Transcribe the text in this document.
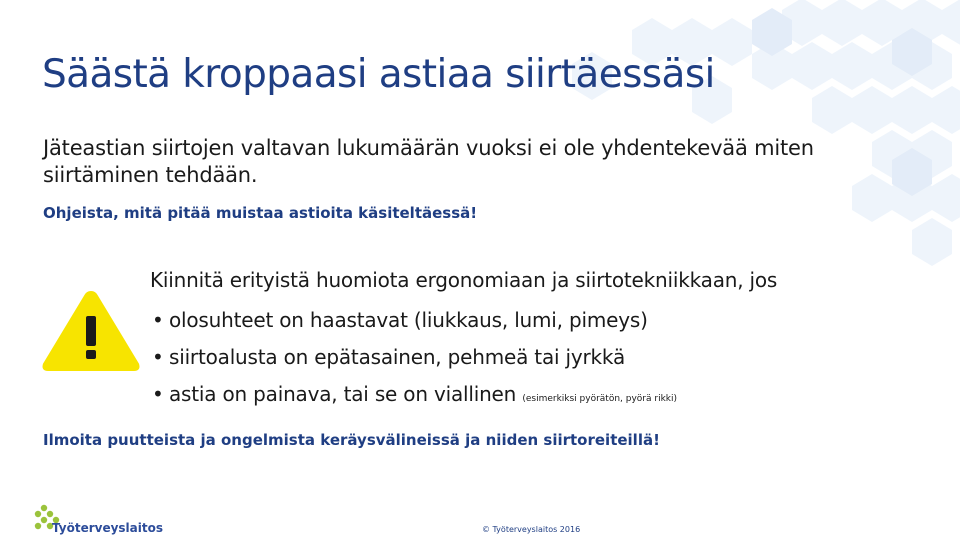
Säästä kroppaasi astiaa siirtäessäsi

Jäteastian siirtojen valtavan lukumäärän vuoksi ei ole yhdentekevää miten siirtäminen tehdään.

Ohjeista, mitä pitää muistaa astioita käsiteltäessä!

Kiinnitä erityistä huomiota ergonomiaan ja siirtotekniikkaan, jos

• olosuhteet on haastavat (liukkaus, lumi, pimeys)
• siirtoalusta on epätasainen, pehmeä tai jyrkkä
• astia on painava, tai se on viallinen (esimerkiksi pyörätön, pyörä rikki)

Ilmoita puutteista ja ongelmista keräysvälineissä ja niiden siirtoreiteillä!

Työterveyslaitos	© Työterveyslaitos 2016
